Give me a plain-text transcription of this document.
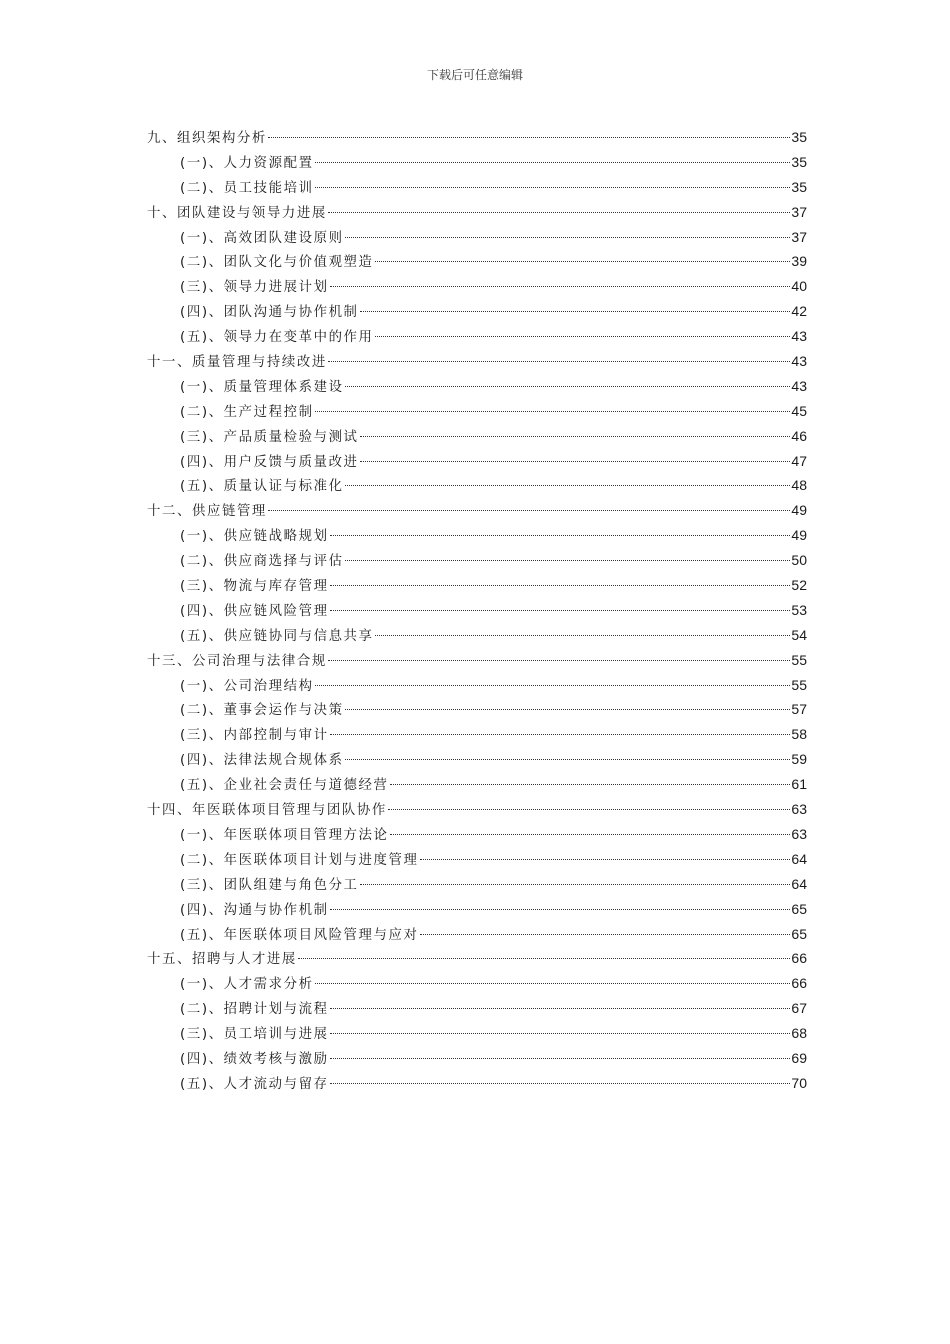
下载后可任意编辑
九、组织架构分析	35
(一)、人力资源配置	35
(二)、员工技能培训	35
十、团队建设与领导力进展	37
(一)、高效团队建设原则	37
(二)、团队文化与价值观塑造	39
(三)、领导力进展计划	40
(四)、团队沟通与协作机制	42
(五)、领导力在变革中的作用	43
十一、质量管理与持续改进	43
(一)、质量管理体系建设	43
(二)、生产过程控制	45
(三)、产品质量检验与测试	46
(四)、用户反馈与质量改进	47
(五)、质量认证与标准化	48
十二、供应链管理	49
(一)、供应链战略规划	49
(二)、供应商选择与评估	50
(三)、物流与库存管理	52
(四)、供应链风险管理	53
(五)、供应链协同与信息共享	54
十三、公司治理与法律合规	55
(一)、公司治理结构	55
(二)、董事会运作与决策	57
(三)、内部控制与审计	58
(四)、法律法规合规体系	59
(五)、企业社会责任与道德经营	61
十四、年医联体项目管理与团队协作	63
(一)、年医联体项目管理方法论	63
(二)、年医联体项目计划与进度管理	64
(三)、团队组建与角色分工	64
(四)、沟通与协作机制	65
(五)、年医联体项目风险管理与应对	65
十五、招聘与人才进展	66
(一)、人才需求分析	66
(二)、招聘计划与流程	67
(三)、员工培训与进展	68
(四)、绩效考核与激励	69
(五)、人才流动与留存	70
